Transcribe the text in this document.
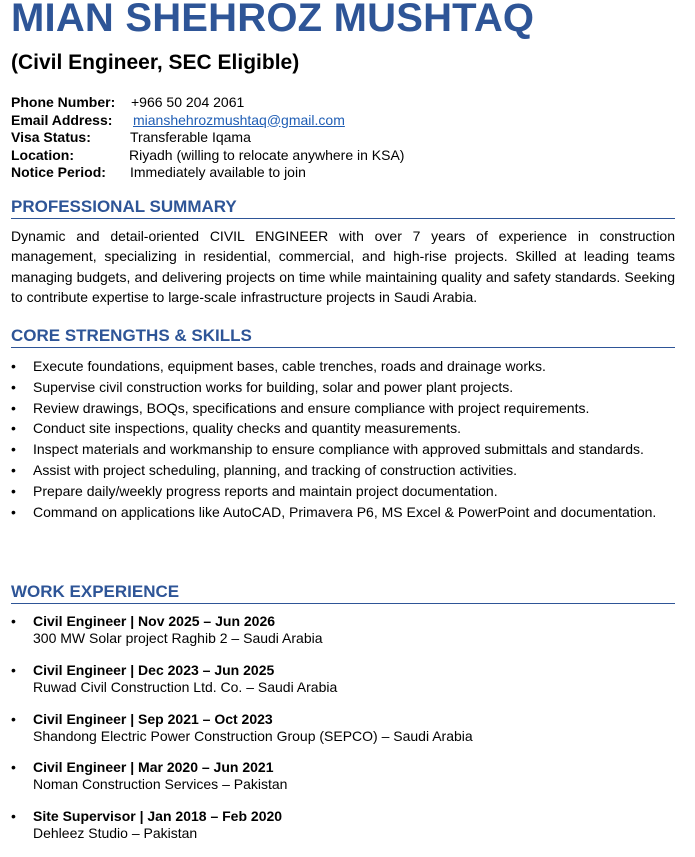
MIAN SHEHROZ MUSHTAQ
(Civil Engineer, SEC Eligible)
Phone Number: +966 50 204 2061
Email Address: mianshehrozmushtaq@gmail.com
Visa Status:	Transferable Iqama
Location:	Riyadh (willing to relocate anywhere in KSA)
Notice Period: Immediately available to join
PROFESSIONAL SUMMARY

Dynamic and detail-oriented CIVIL ENGINEER with over 7 years of experience in construction management, specializing in residential, commercial, and high-rise projects. Skilled at leading teams managing budgets, and delivering projects on time while maintaining quality and safety standards. Seeking to contribute expertise to large-scale infrastructure projects in Saudi Arabia.

CORE STRENGTHS & SKILLS
• Execute foundations, equipment bases, cable trenches, roads and drainage works.
• Supervise civil construction works for building, solar and power plant projects.
• Review drawings, BOQs, specifications and ensure compliance with project requirements.
• Conduct site inspections, quality checks and quantity measurements.
• Inspect materials and workmanship to ensure compliance with approved submittals and standards.
• Assist with project scheduling, planning, and tracking of construction activities.
• Prepare daily/weekly progress reports and maintain project documentation.
• Command on applications like AutoCAD, Primavera P6, MS Excel & PowerPoint and documentation.
WORK EXPERIENCE
• Civil Engineer | Nov 2025 – Jun 2026
300 MW Solar project Raghib 2 – Saudi Arabia
• Civil Engineer | Dec 2023 – Jun 2025
Ruwad Civil Construction Ltd. Co. – Saudi Arabia
• Civil Engineer | Sep 2021 – Oct 2023
Shandong Electric Power Construction Group (SEPCO) – Saudi Arabia
• Civil Engineer | Mar 2020 – Jun 2021
Noman Construction Services – Pakistan
• Site Supervisor | Jan 2018 – Feb 2020
Dehleez Studio – Pakistan
